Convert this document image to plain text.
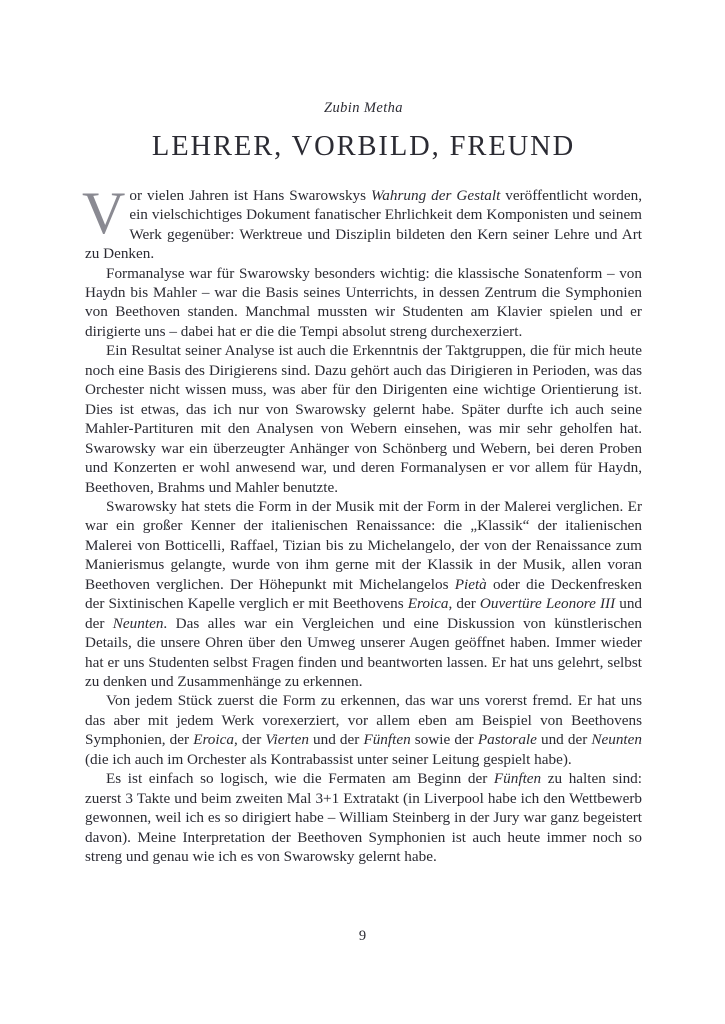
Zubin Metha
LEHRER, VORBILD, FREUND

Vor vielen Jahren ist Hans Swarowskys Wahrung der Gestalt veröffentlicht worden, ein vielschichtiges Dokument fanatischer Ehrlichkeit dem Komponisten und seinem Werk gegenüber: Werktreue und Disziplin bildeten den Kern seiner Lehre und Art zu Denken.

Formanalyse war für Swarowsky besonders wichtig: die klassische Sonatenform – von Haydn bis Mahler – war die Basis seines Unterrichts, in dessen Zentrum die Symphonien von Beethoven standen. Manchmal mussten wir Studenten am Klavier spielen und er dirigierte uns – dabei hat er die die Tempi absolut streng durchexerziert.

Ein Resultat seiner Analyse ist auch die Erkenntnis der Taktgruppen, die für mich heute noch eine Basis des Dirigierens sind. Dazu gehört auch das Dirigieren in Perioden, was das Orchester nicht wissen muss, was aber für den Dirigenten eine wichtige Orientierung ist. Dies ist etwas, das ich nur von Swarowsky gelernt habe. Später durfte ich auch seine Mahler-Partituren mit den Analysen von Webern einsehen, was mir sehr geholfen hat. Swarowsky war ein überzeugter Anhänger von Schönberg und Webern, bei deren Proben und Konzerten er wohl anwesend war, und deren Formanalysen er vor allem für Haydn, Beethoven, Brahms und Mahler benutzte.

Swarowsky hat stets die Form in der Musik mit der Form in der Malerei verglichen. Er war ein großer Kenner der italienischen Renaissance: die „Klassik“ der italienischen Malerei von Botticelli, Raffael, Tizian bis zu Michelangelo, der von der Renaissance zum Manierismus gelangte, wurde von ihm gerne mit der Klassik in der Musik, allen voran Beethoven verglichen. Der Höhepunkt mit Michelangelos Pietà oder die Deckenfresken der Sixtinischen Kapelle verglich er mit Beethovens Eroica, der Ouvertüre Leonore III und der Neunten. Das alles war ein Vergleichen und eine Diskussion von künstlerischen Details, die unsere Ohren über den Umweg unserer Augen geöffnet haben. Immer wieder hat er uns Studenten selbst Fragen finden und beantworten lassen. Er hat uns gelehrt, selbst zu denken und Zusammenhänge zu erkennen.

Von jedem Stück zuerst die Form zu erkennen, das war uns vorerst fremd. Er hat uns das aber mit jedem Werk vorexerziert, vor allem eben am Beispiel von Beethovens Symphonien, der Eroica, der Vierten und der Fünften sowie der Pastorale und der Neunten (die ich auch im Orchester als Kontrabassist unter seiner Leitung gespielt habe).

Es ist einfach so logisch, wie die Fermaten am Beginn der Fünften zu halten sind: zuerst 3 Takte und beim zweiten Mal 3+1 Extratakt (in Liverpool habe ich den Wettbewerb gewonnen, weil ich es so dirigiert habe – William Steinberg in der Jury war ganz begeistert davon). Meine Interpretation der Beethoven Symphonien ist auch heute immer noch so streng und genau wie ich es von Swarowsky gelernt habe.

9
